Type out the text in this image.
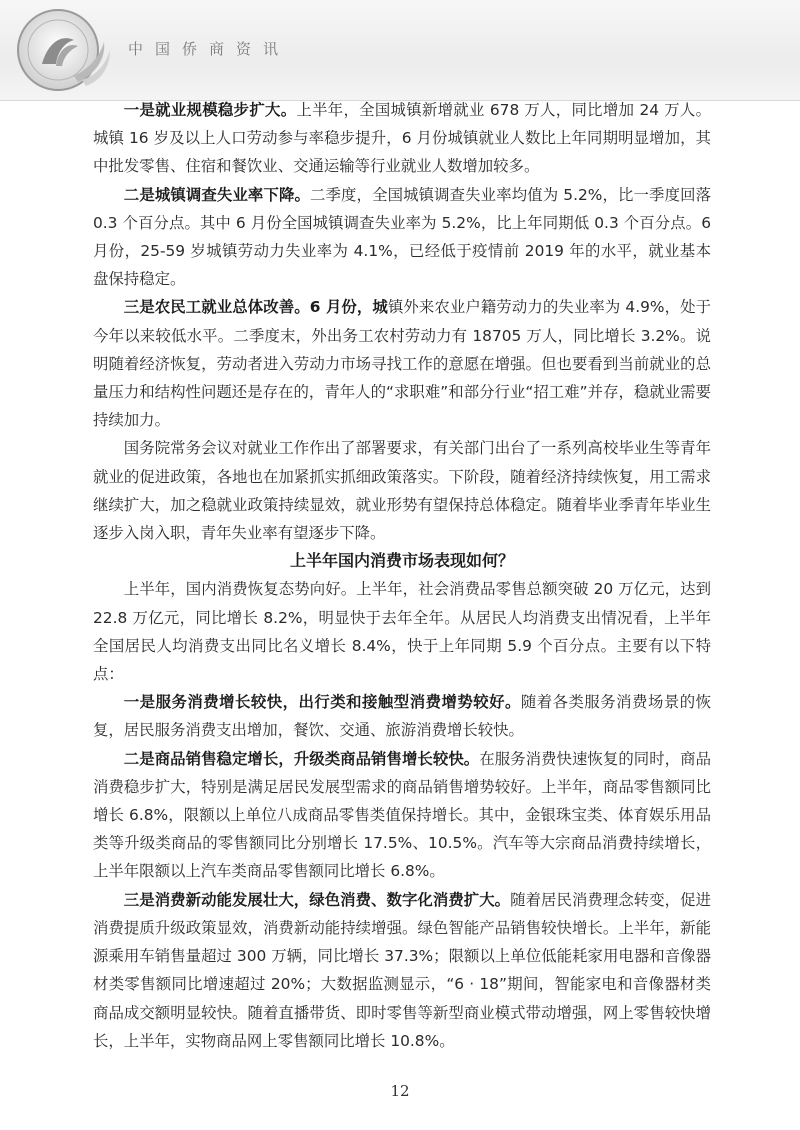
中国侨商资讯

一是就业规模稳步扩大。上半年，全国城镇新增就业 678 万人，同比增加 24 万人。城镇 16 岁及以上人口劳动参与率稳步提升，6 月份城镇就业人数比上年同期明显增加，其中批发零售、住宿和餐饮业、交通运输等行业就业人数增加较多。

二是城镇调查失业率下降。二季度，全国城镇调查失业率均值为 5.2%，比一季度回落 0.3 个百分点。其中 6 月份全国城镇调查失业率为 5.2%，比上年同期低 0.3 个百分点。6 月份，25-59 岁城镇劳动力失业率为 4.1%，已经低于疫情前 2019 年的水平，就业基本盘保持稳定。

三是农民工就业总体改善。6 月份，城镇外来农业户籍劳动力的失业率为 4.9%，处于今年以来较低水平。二季度末，外出务工农村劳动力有 18705 万人，同比增长 3.2%。说明随着经济恢复，劳动者进入劳动力市场寻找工作的意愿在增强。但也要看到当前就业的总量压力和结构性问题还是存在的，青年人的“求职难”和部分行业“招工难”并存，稳就业需要持续加力。

国务院常务会议对就业工作作出了部署要求，有关部门出台了一系列高校毕业生等青年就业的促进政策，各地也在加紧抓实抓细政策落实。下阶段，随着经济持续恢复，用工需求继续扩大，加之稳就业政策持续显效，就业形势有望保持总体稳定。随着毕业季青年毕业生逐步入岗入职，青年失业率有望逐步下降。

上半年国内消费市场表现如何？

上半年，国内消费恢复态势向好。上半年，社会消费品零售总额突破 20 万亿元，达到 22.8 万亿元，同比增长 8.2%，明显快于去年全年。从居民人均消费支出情况看，上半年全国居民人均消费支出同比名义增长 8.4%，快于上年同期 5.9 个百分点。主要有以下特点：

一是服务消费增长较快，出行类和接触型消费增势较好。随着各类服务消费场景的恢复，居民服务消费支出增加，餐饮、交通、旅游消费增长较快。

二是商品销售稳定增长，升级类商品销售增长较快。在服务消费快速恢复的同时，商品消费稳步扩大，特别是满足居民发展型需求的商品销售增势较好。上半年，商品零售额同比增长 6.8%，限额以上单位八成商品零售类值保持增长。其中，金银珠宝类、体育娱乐用品类等升级类商品的零售额同比分别增长 17.5%、10.5%。汽车等大宗商品消费持续增长，上半年限额以上汽车类商品零售额同比增长 6.8%。

三是消费新动能发展壮大，绿色消费、数字化消费扩大。随着居民消费理念转变，促进消费提质升级政策显效，消费新动能持续增强。绿色智能产品销售较快增长。上半年，新能源乘用车销售量超过 300 万辆，同比增长 37.3%；限额以上单位低能耗家用电器和音像器材类零售额同比增速超过 20%；大数据监测显示，“6 · 18”期间，智能家电和音像器材类商品成交额明显较快。随着直播带货、即时零售等新型商业模式带动增强，网上零售较快增长，上半年，实物商品网上零售额同比增长 10.8%。

12
